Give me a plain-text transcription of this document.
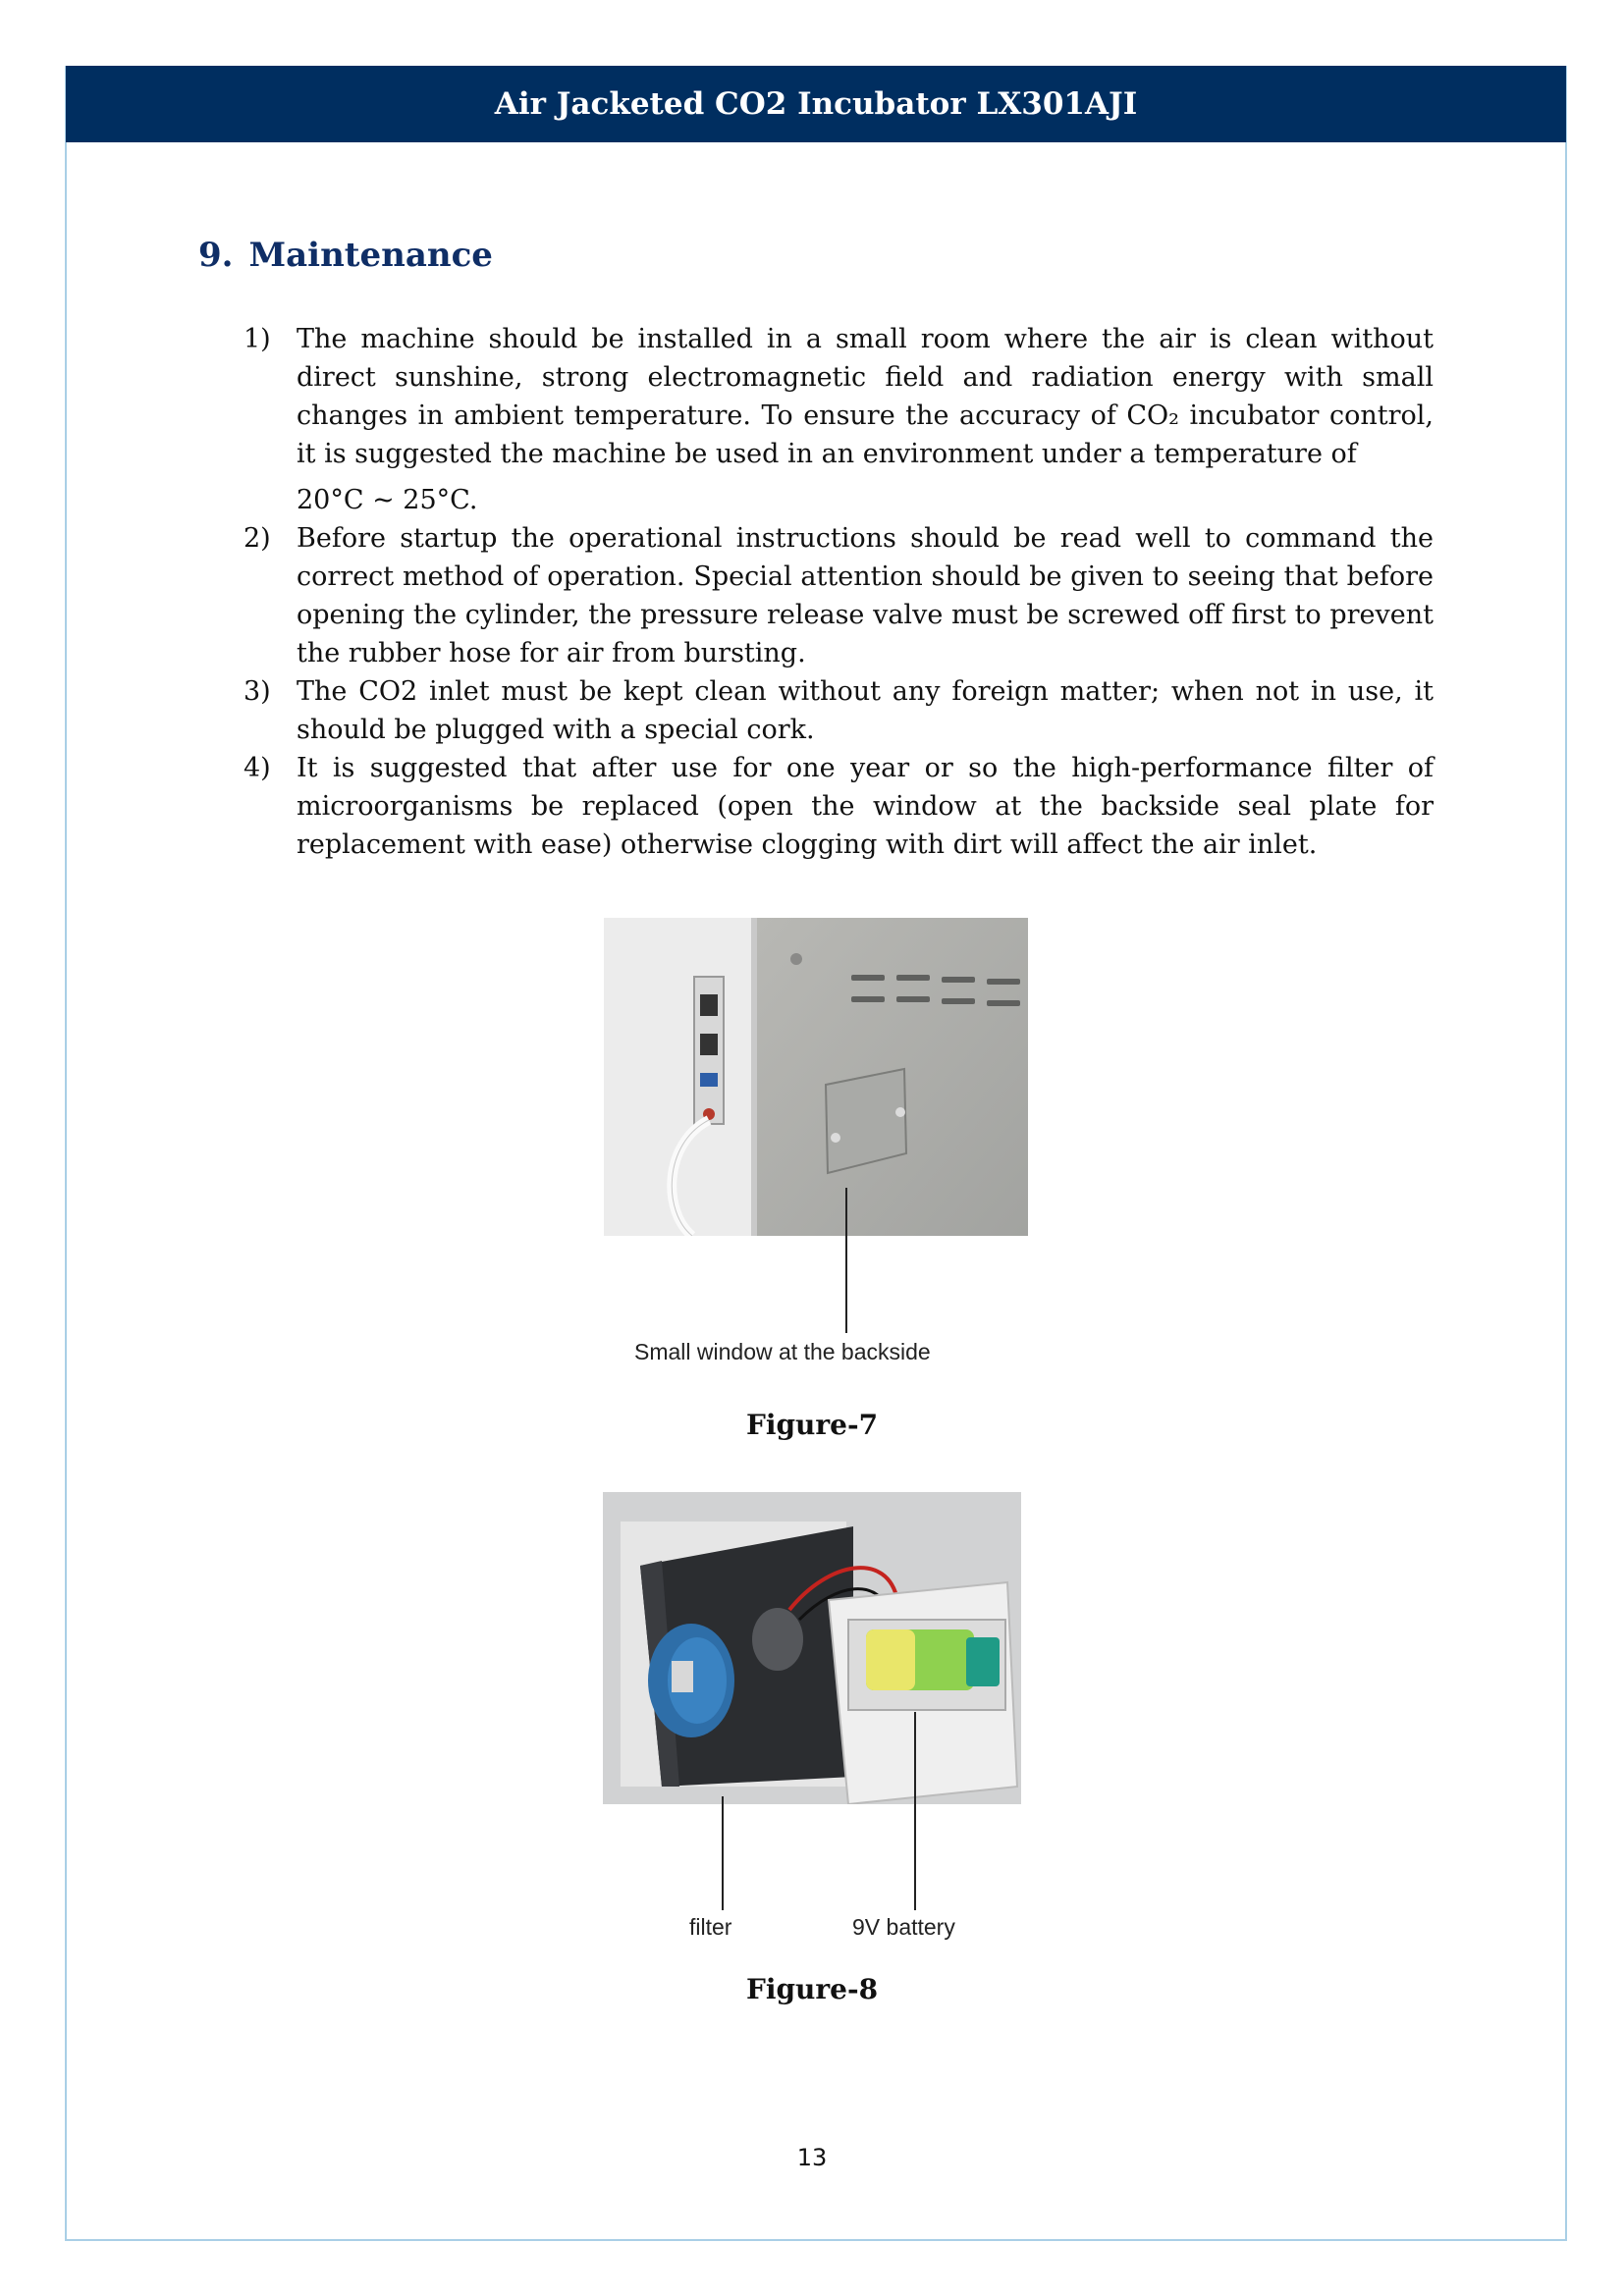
Air Jacketed CO2 Incubator LX301AJI
9. Maintenance
1) The machine should be installed in a small room where the air is clean without direct sunshine, strong electromagnetic field and radiation energy with small changes in ambient temperature. To ensure the accuracy of CO₂ incubator control, it is suggested the machine be used in an environment under a temperature of
20°C ~ 25°C.
2) Before startup the operational instructions should be read well to command the correct method of operation. Special attention should be given to seeing that before opening the cylinder, the pressure release valve must be screwed off first to prevent the rubber hose for air from bursting.
3) The CO2 inlet must be kept clean without any foreign matter; when not in use, it should be plugged with a special cork.
4) It is suggested that after use for one year or so the high-performance filter of microorganisms be replaced (open the window at the backside seal plate for replacement with ease) otherwise clogging with dirt will affect the air inlet.
Small window at the backside
Figure-7
filter	9V battery
Figure-8
13
